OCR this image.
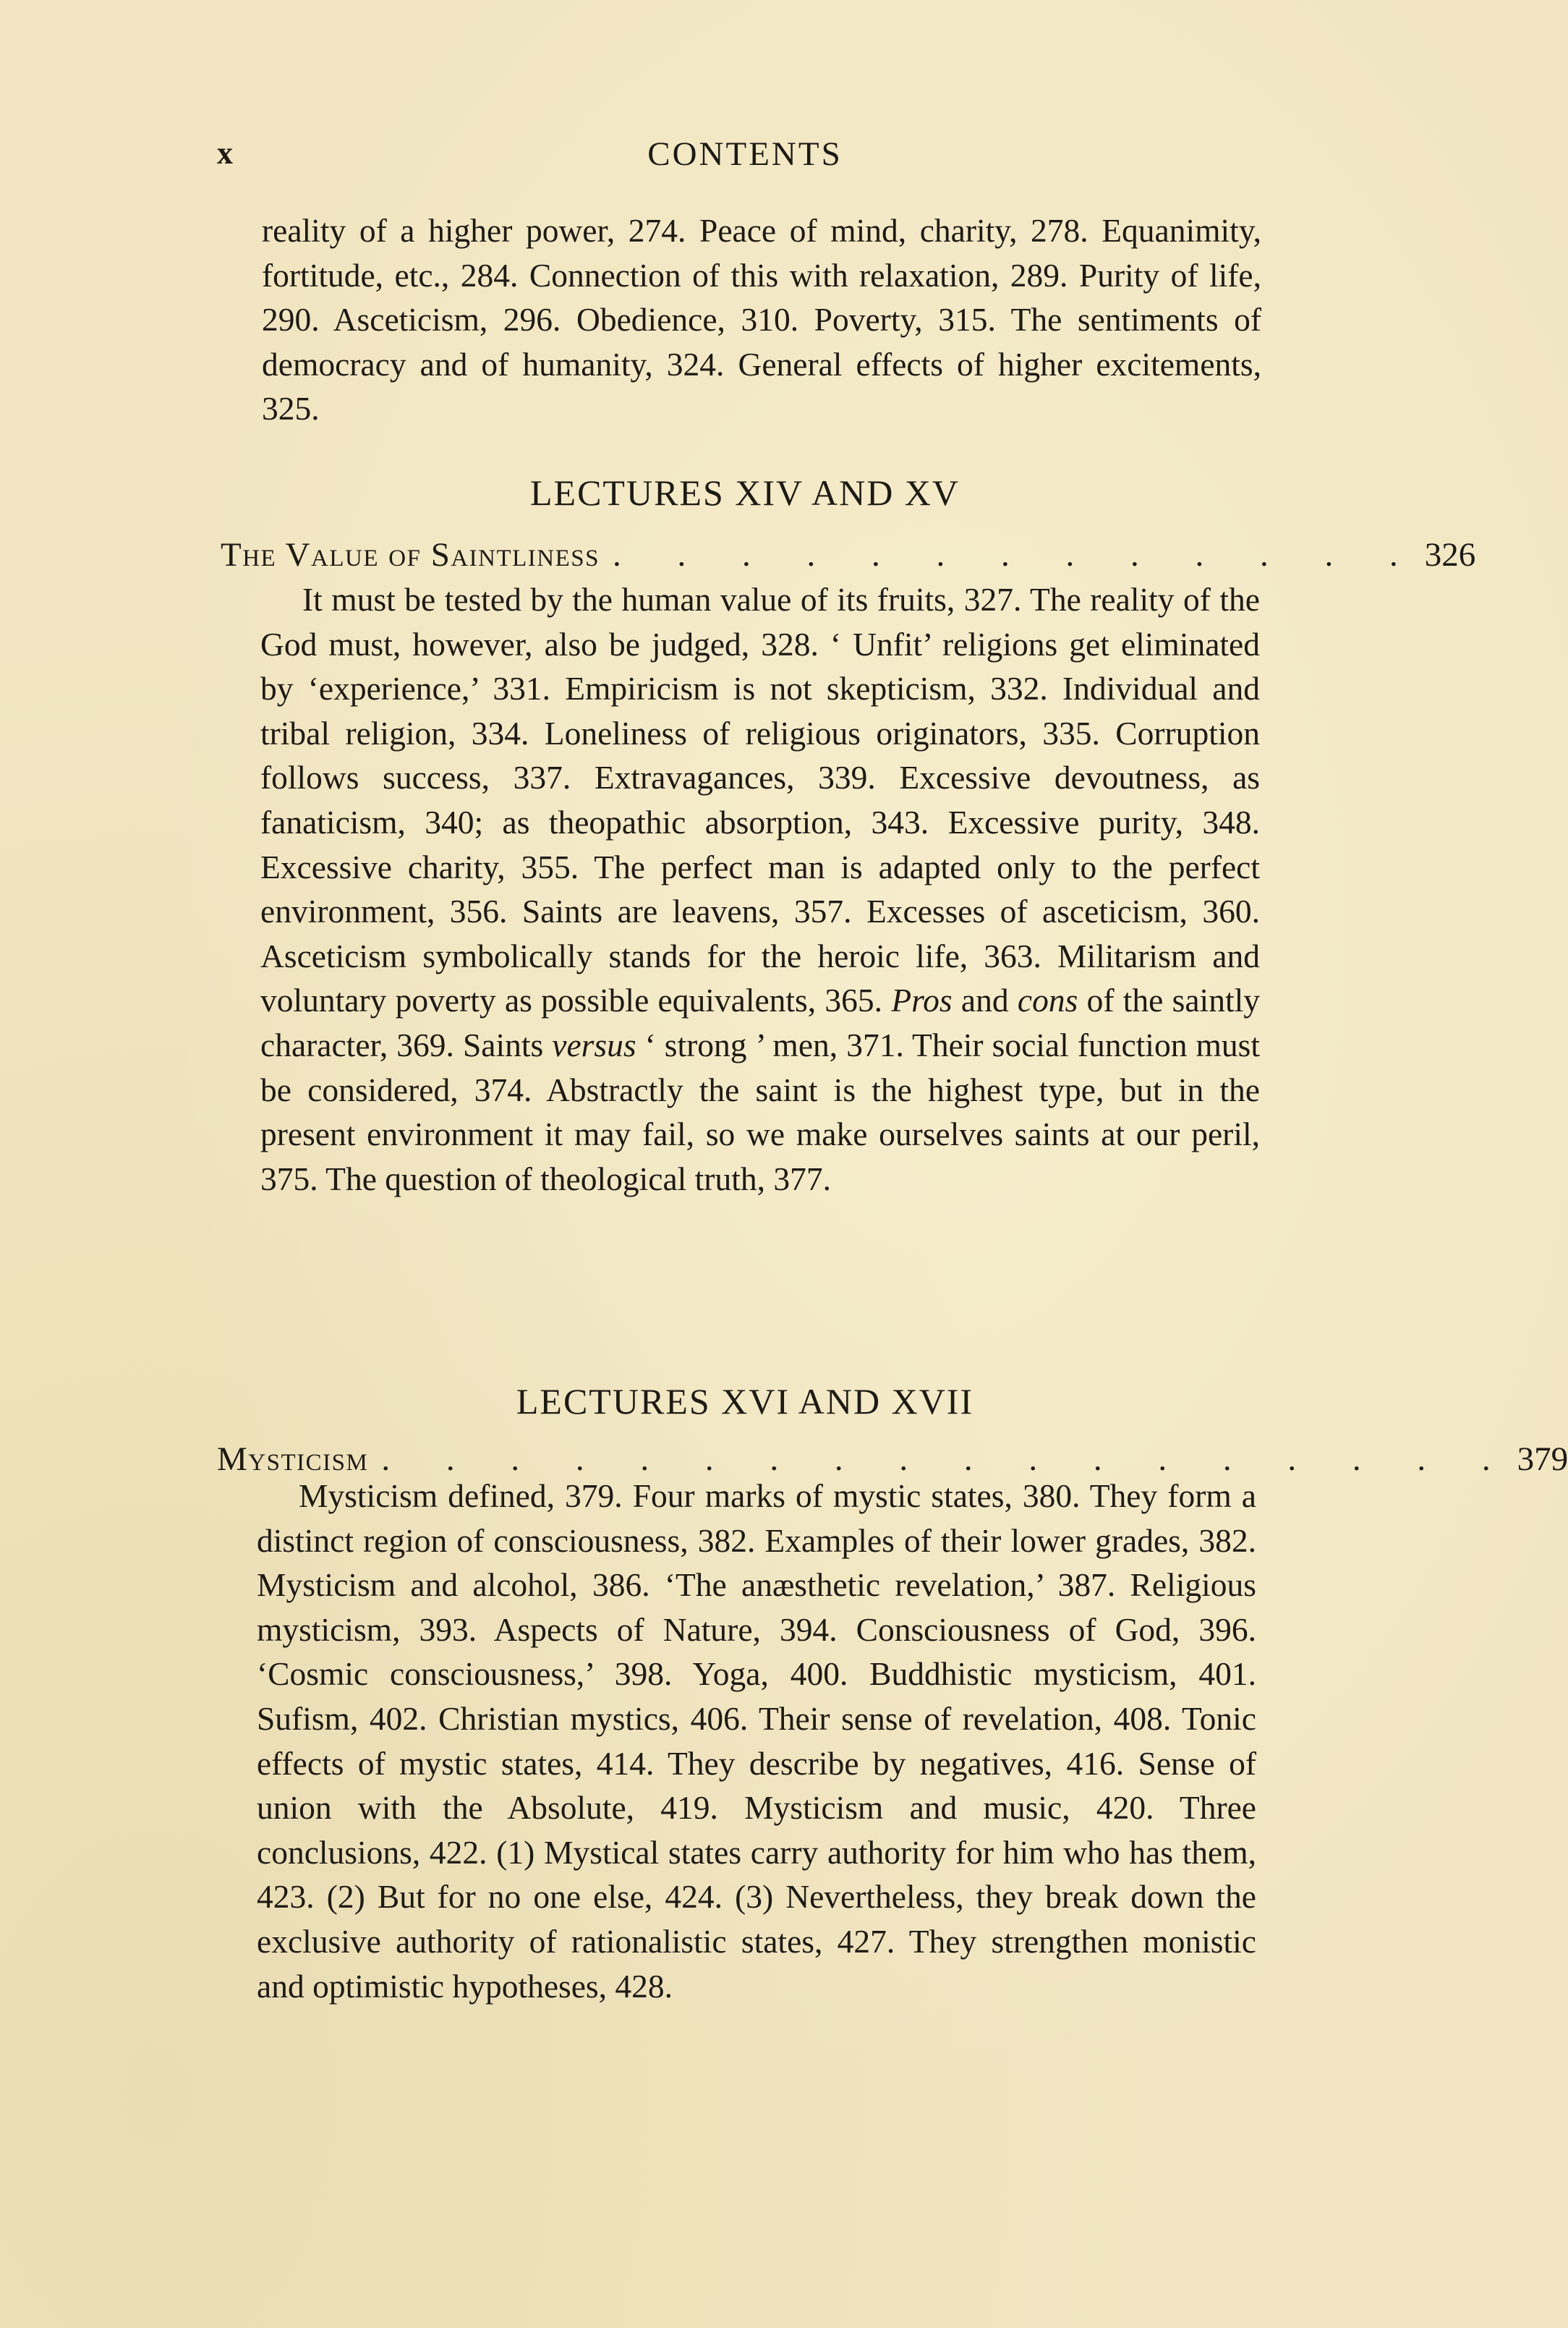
x	CONTENTS

reality of a higher power, 274. Peace of mind, charity, 278. Equanimity, fortitude, etc., 284. Connection of this with relaxation, 289. Purity of life, 290. Asceticism, 296. Obedience, 310. Poverty, 315. The sentiments of democracy and of humanity, 324. General effects of higher excitements, 325.

LECTURES XIV AND XV
The Value of Saintliness . . . . . . . . . . . . . 326

It must be tested by the human value of its fruits, 327. The reality of the God must, however, also be judged, 328. ‘ Unfit’ religions get eliminated by ‘experience,’ 331. Empiricism is not skepticism, 332. Individual and tribal religion, 334. Loneliness of religious originators, 335. Corruption follows success, 337. Extravagances, 339. Excessive devoutness, as fanaticism, 340; as theopathic absorption, 343. Excessive purity, 348. Excessive charity, 355. The perfect man is adapted only to the perfect environment, 356. Saints are leavens, 357. Excesses of asceticism, 360. Asceticism symbolically stands for the heroic life, 363. Militarism and voluntary poverty as possible equivalents, 365. Pros and cons of the saintly character, 369. Saints versus ‘ strong ’ men, 371. Their social function must be considered, 374. Abstractly the saint is the highest type, but in the present environment it may fail, so we make ourselves saints at our peril, 375. The question of theological truth, 377.

LECTURES XVI AND XVII
Mysticism . . . . . . . . . . . . . . . . . . 379

Mysticism defined, 379. Four marks of mystic states, 380. They form a distinct region of consciousness, 382. Examples of their lower grades, 382. Mysticism and alcohol, 386. ‘The anæsthetic revelation,’ 387. Religious mysticism, 393. Aspects of Nature, 394. Consciousness of God, 396. ‘Cosmic consciousness,’ 398. Yoga, 400. Buddhistic mysticism, 401. Sufism, 402. Christian mystics, 406. Their sense of revelation, 408. Tonic effects of mystic states, 414. They describe by negatives, 416. Sense of union with the Absolute, 419. Mysticism and music, 420. Three conclusions, 422. (1) Mystical states carry authority for him who has them, 423. (2) But for no one else, 424. (3) Nevertheless, they break down the exclusive authority of rationalistic states, 427. They strengthen monistic and optimistic hypotheses, 428.
